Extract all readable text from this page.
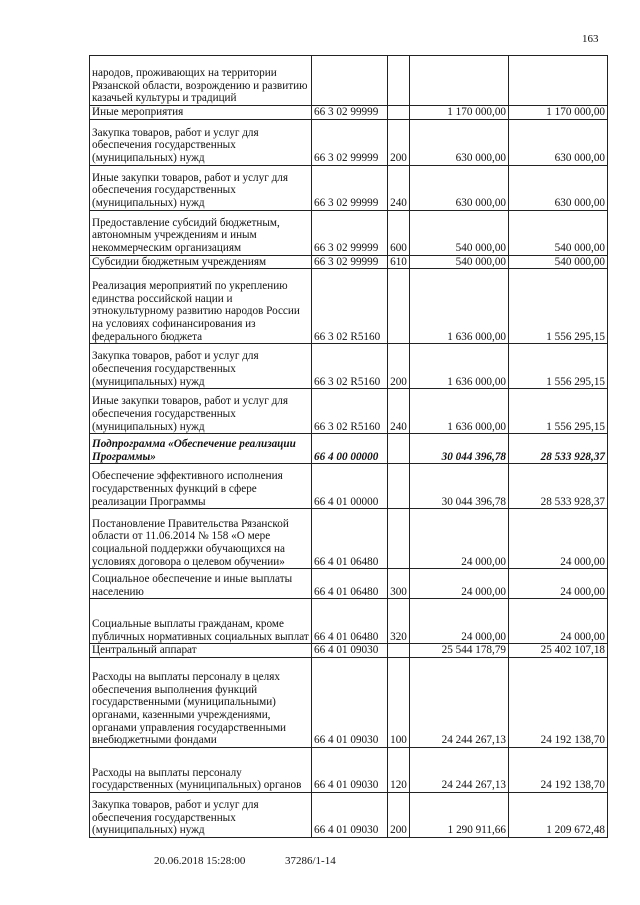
163
народов, проживающих на территории Рязанской области, возрождению и развитию казачьей культуры и традиций				
Иные мероприятия	66 3 02 99999		1 170 000,00	1 170 000,00
Закупка товаров, работ и услуг для обеспечения государственных (муниципальных) нужд	66 3 02 99999	200	630 000,00	630 000,00
Иные закупки товаров, работ и услуг для обеспечения государственных (муниципальных) нужд	66 3 02 99999	240	630 000,00	630 000,00
Предоставление субсидий бюджетным, автономным учреждениям и иным некоммерческим организациям	66 3 02 99999	600	540 000,00	540 000,00
Субсидии бюджетным учреждениям	66 3 02 99999	610	540 000,00	540 000,00
Реализация мероприятий по укреплению единства российской нации и этнокультурному развитию народов России на условиях софинансирования из федерального бюджета	66 3 02 R5160		1 636 000,00	1 556 295,15
Закупка товаров, работ и услуг для обеспечения государственных (муниципальных) нужд	66 3 02 R5160	200	1 636 000,00	1 556 295,15
Иные закупки товаров, работ и услуг для обеспечения государственных (муниципальных) нужд	66 3 02 R5160	240	1 636 000,00	1 556 295,15
Подпрограмма «Обеспечение реализации Программы»	66 4 00 00000		30 044 396,78	28 533 928,37
Обеспечение эффективного исполнения государственных функций в сфере реализации Программы	66 4 01 00000		30 044 396,78	28 533 928,37
Постановление Правительства Рязанской области от 11.06.2014 № 158 «О мере социальной поддержки обучающихся на условиях договора о целевом обучении»	66 4 01 06480		24 000,00	24 000,00
Социальное обеспечение и иные выплаты населению	66 4 01 06480	300	24 000,00	24 000,00
Социальные выплаты гражданам, кроме публичных нормативных социальных выплат	66 4 01 06480	320	24 000,00	24 000,00
Центральный аппарат	66 4 01 09030		25 544 178,79	25 402 107,18
Расходы на выплаты персоналу в целях обеспечения выполнения функций государственными (муниципальными) органами, казенными учреждениями, органами управления государственными внебюджетными фондами	66 4 01 09030	100	24 244 267,13	24 192 138,70
Расходы на выплаты персоналу государственных (муниципальных) органов	66 4 01 09030	120	24 244 267,13	24 192 138,70
Закупка товаров, работ и услуг для обеспечения государственных (муниципальных) нужд	66 4 01 09030	200	1 290 911,66	1 209 672,48
20.06.2018 15:28:00	37286/1-14
